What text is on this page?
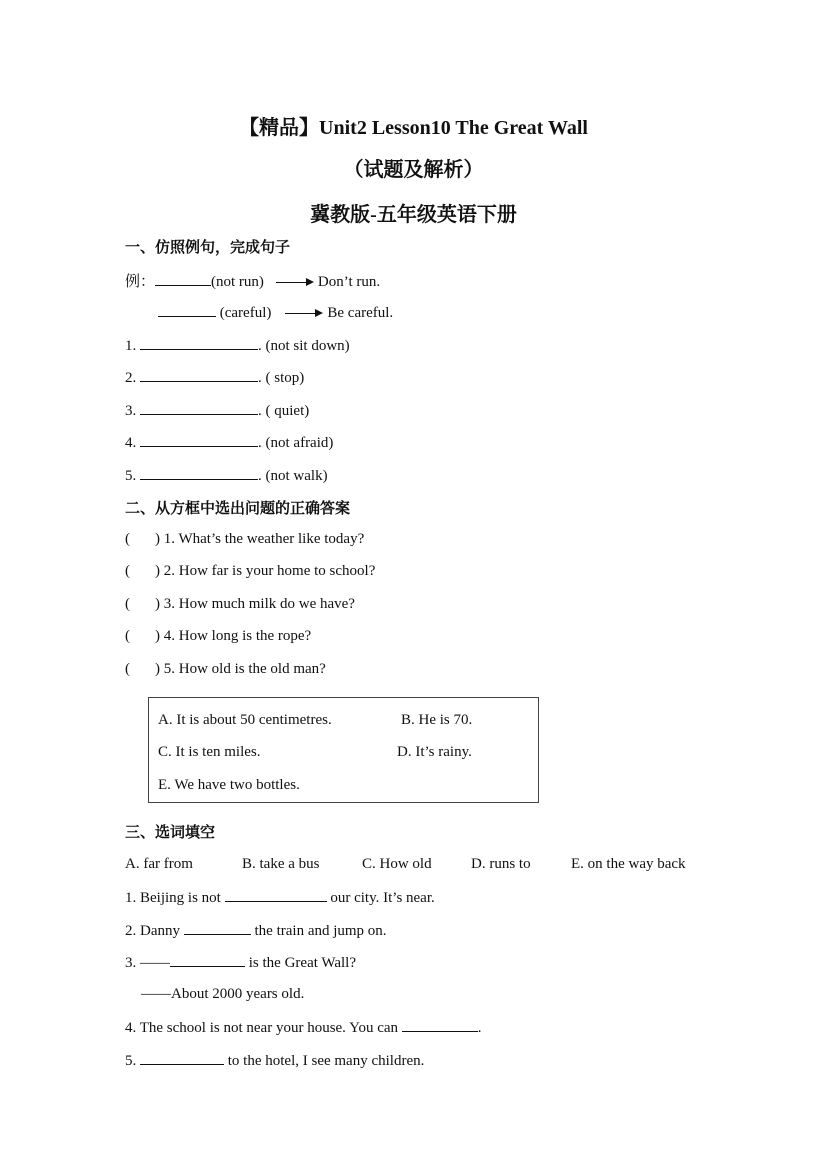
【精品】Unit2 Lesson10 The Great Wall
（试题及解析）
冀教版-五年级英语下册
一、仿照例句，完成句子
例：	(not run)	Don’t run.
(careful)	Be careful.
1.	. (not sit down)
2.	. ( stop)
3.	. ( quiet)
4.	. (not afraid)
5.	. (not walk)
二、从方框中选出问题的正确答案
( ) 1. What’s the weather like today?
( ) 2. How far is your home to school?
( ) 3. How much milk do we have?
( ) 4. How long is the rope?
( ) 5. How old is the old man?
A. It is about 50 centimetres.	B. He is 70.
C. It is ten miles.	D. It’s rainy.
E. We have two bottles.
三、选词填空
A. far from	B. take a bus	C. How old	D. runs to	E. on the way back
1. Beijing is not	our city. It’s near.
2. Danny	the train and jump on.
3. ——	is the Great Wall?
——About 2000 years old.
4. The school is not near your house. You can	.
5.	to the hotel, I see many children.
